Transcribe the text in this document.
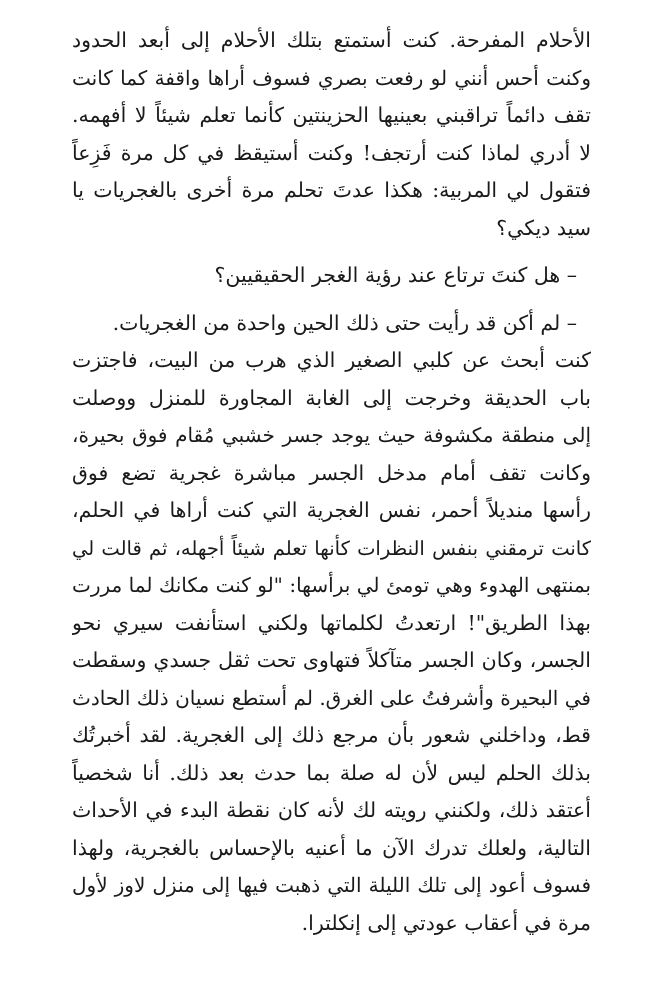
الأحلام المفرحة. كنت أستمتع بتلك الأحلام إلى أبعد الحدود
وكنت أحس أنني لو رفعت بصري فسوف أراها واقفة كما كانت
تقف دائماً تراقبني بعينيها الحزينتين كأنما تعلم شيئاً لا أفهمه.
لا أدري لماذا كنت أرتجف! وكنت أستيقظ في كل مرة فَزِعاً
فتقول لي المربية: هكذا عدتَ تحلم مرة أخرى بالغجريات يا
سيد ديكي؟
– هل كنتَ ترتاع عند رؤية الغجر الحقيقيين؟
– لم أكن قد رأيت حتى ذلك الحين واحدة من الغجريات.
كنت أبحث عن كلبي الصغير الذي هرب من البيت، فاجتزت
باب الحديقة وخرجت إلى الغابة المجاورة للمنزل ووصلت
إلى منطقة مكشوفة حيث يوجد جسر خشبي مُقام فوق بحيرة،
وكانت تقف أمام مدخل الجسر مباشرة غجرية تضع فوق
رأسها منديلاً أحمر، نفس الغجرية التي كنت أراها في الحلم،
كانت ترمقني بنفس النظرات كأنها تعلم شيئاً أجهله، ثم قالت لي
بمنتهى الهدوء وهي تومئ لي برأسها: "لو كنت مكانك لما مررت
بهذا الطريق"! ارتعدتُ لكلماتها ولكني استأنفت سيري نحو
الجسر، وكان الجسر متآكلاً فتهاوى تحت ثقل جسدي وسقطت
في البحيرة وأشرفتُ على الغرق. لم أستطع نسيان ذلك الحادث
قط، وداخلني شعور بأن مرجع ذلك إلى الغجرية. لقد أخبرتُك
بذلك الحلم ليس لأن له صلة بما حدث بعد ذلك. أنا شخصياً
أعتقد ذلك، ولكنني رويته لك لأنه كان نقطة البدء في الأحداث
التالية، ولعلك تدرك الآن ما أعنيه بالإحساس بالغجرية، ولهذا
فسوف أعود إلى تلك الليلة التي ذهبت فيها إلى منزل لاوز لأول
مرة في أعقاب عودتي إلى إنكلترا.
